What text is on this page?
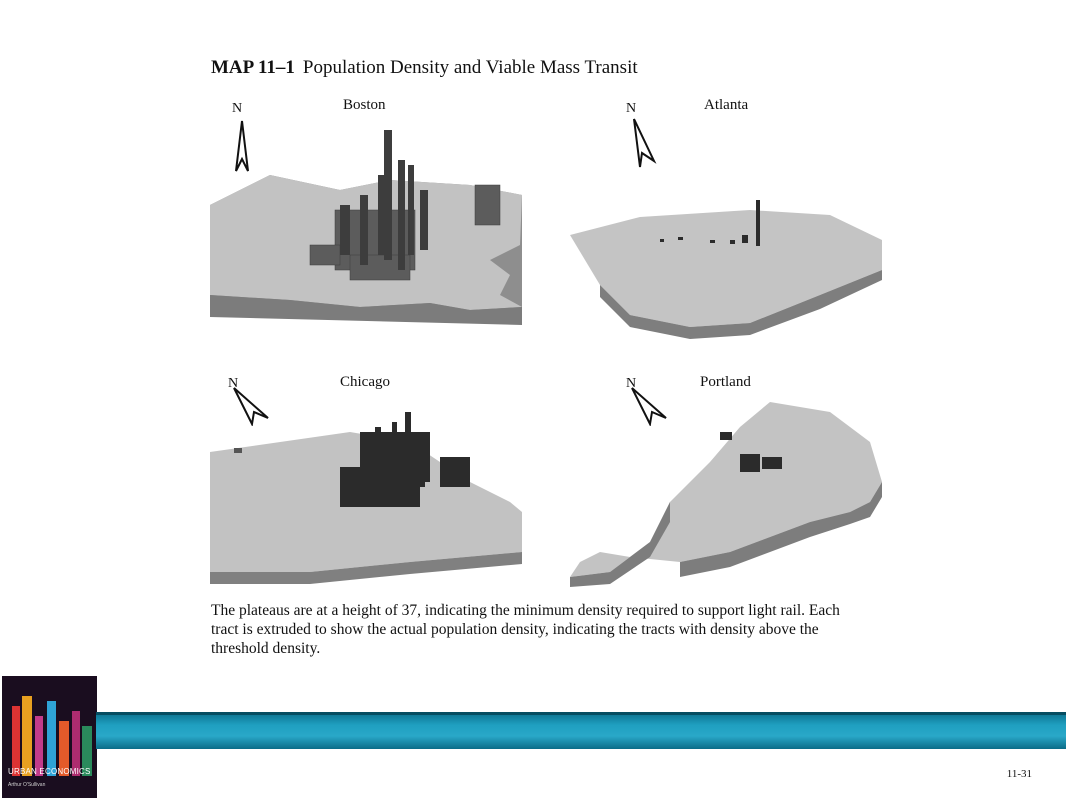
MAP 11–1 Population Density and Viable Mass Transit
N	Boston	N	Atlanta
N	Chicago	N	Portland
The plateaus are at a height of 37, indicating the minimum density required to support light rail. Each tract is extruded to show the actual population density, indicating the tracts with density above the threshold density.
URBAN ECONOMICS
Arthur O'Sullivan
11-31
